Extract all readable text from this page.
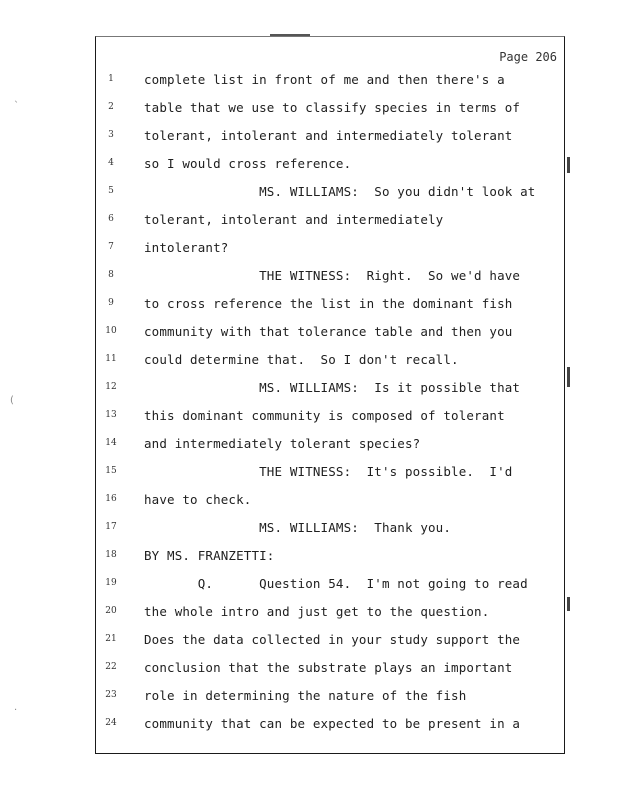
ˎ
(
·
Page 206
1	complete list in front of me and then there's a
2	table that we use to classify species in terms of
3	tolerant, intolerant and intermediately tolerant
4	so I would cross reference.
5	MS. WILLIAMS:  So you didn't look at
6	tolerant, intolerant and intermediately
7	intolerant?
8	THE WITNESS:  Right.  So we'd have
9	to cross reference the list in the dominant fish
10	community with that tolerance table and then you
11	could determine that.  So I don't recall.
12	MS. WILLIAMS:  Is it possible that
13	this dominant community is composed of tolerant
14	and intermediately tolerant species?
15	THE WITNESS:  It's possible.  I'd
16	have to check.
17	MS. WILLIAMS:  Thank you.
18	BY MS. FRANZETTI:
19	Q.      Question 54.  I'm not going to read
20	the whole intro and just get to the question.
21	Does the data collected in your study support the
22	conclusion that the substrate plays an important
23	role in determining the nature of the fish
24	community that can be expected to be present in a
